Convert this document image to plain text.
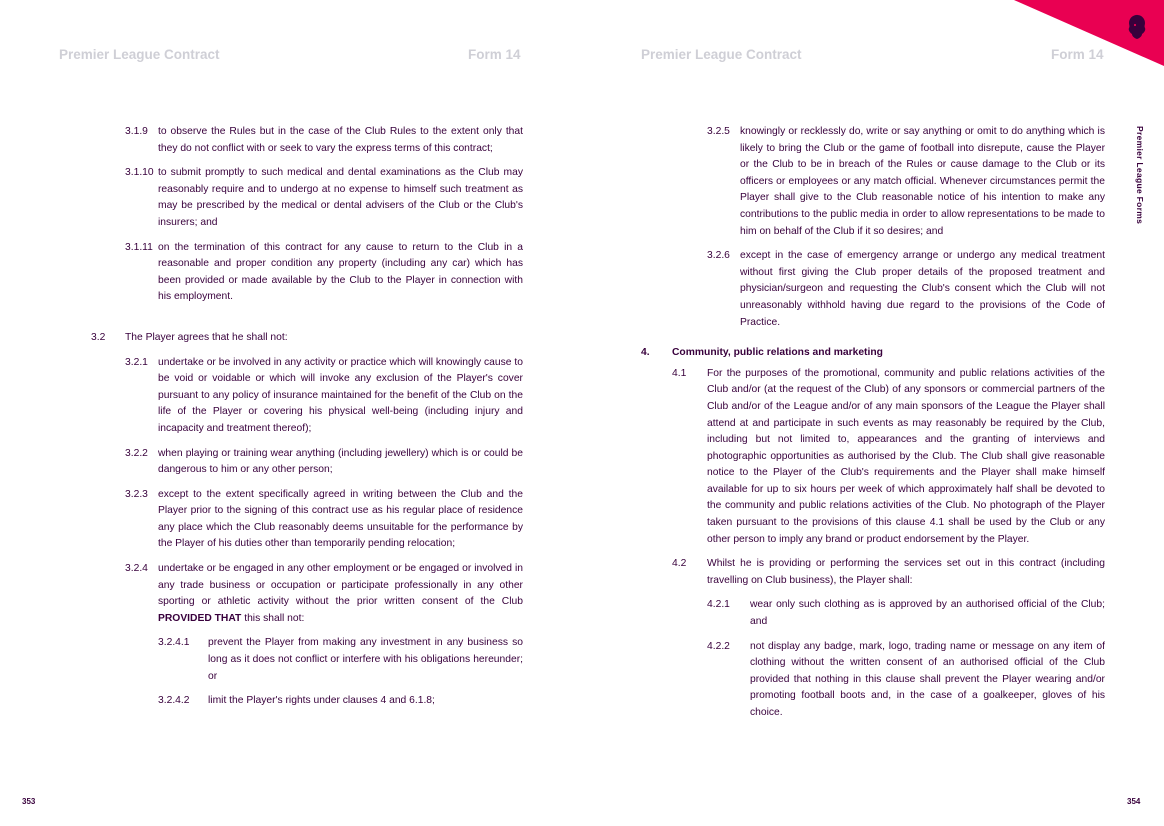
Premier League Contract	Form 14	Premier League Contract	Form 14
Premier League Forms
3.1.9 to observe the Rules but in the case of the Club Rules to the extent only that they do not conflict with or seek to vary the express terms of this contract;
3.1.10 to submit promptly to such medical and dental examinations as the Club may reasonably require and to undergo at no expense to himself such treatment as may be prescribed by the medical or dental advisers of the Club or the Club's insurers; and
3.1.11 on the termination of this contract for any cause to return to the Club in a reasonable and proper condition any property (including any car) which has been provided or made available by the Club to the Player in connection with his employment.
3.2 The Player agrees that he shall not:
3.2.1 undertake or be involved in any activity or practice which will knowingly cause to be void or voidable or which will invoke any exclusion of the Player's cover pursuant to any policy of insurance maintained for the benefit of the Club on the life of the Player or covering his physical well-being (including injury and incapacity and treatment thereof);
3.2.2 when playing or training wear anything (including jewellery) which is or could be dangerous to him or any other person;
3.2.3 except to the extent specifically agreed in writing between the Club and the Player prior to the signing of this contract use as his regular place of residence any place which the Club reasonably deems unsuitable for the performance by the Player of his duties other than temporarily pending relocation;
3.2.4 undertake or be engaged in any other employment or be engaged or involved in any trade business or occupation or participate professionally in any other sporting or athletic activity without the prior written consent of the Club PROVIDED THAT this shall not:
3.2.4.1 prevent the Player from making any investment in any business so long as it does not conflict or interfere with his obligations hereunder; or
3.2.4.2 limit the Player's rights under clauses 4 and 6.1.8;
3.2.5 knowingly or recklessly do, write or say anything or omit to do anything which is likely to bring the Club or the game of football into disrepute, cause the Player or the Club to be in breach of the Rules or cause damage to the Club or its officers or employees or any match official. Whenever circumstances permit the Player shall give to the Club reasonable notice of his intention to make any contributions to the public media in order to allow representations to be made to him on behalf of the Club if it so desires; and
3.2.6 except in the case of emergency arrange or undergo any medical treatment without first giving the Club proper details of the proposed treatment and physician/surgeon and requesting the Club's consent which the Club will not unreasonably withhold having due regard to the provisions of the Code of Practice.
4. Community, public relations and marketing
4.1 For the purposes of the promotional, community and public relations activities of the Club and/or (at the request of the Club) of any sponsors or commercial partners of the Club and/or of the League and/or of any main sponsors of the League the Player shall attend at and participate in such events as may reasonably be required by the Club, including but not limited to, appearances and the granting of interviews and photographic opportunities as authorised by the Club. The Club shall give reasonable notice to the Player of the Club's requirements and the Player shall make himself available for up to six hours per week of which approximately half shall be devoted to the community and public relations activities of the Club. No photograph of the Player taken pursuant to the provisions of this clause 4.1 shall be used by the Club or any other person to imply any brand or product endorsement by the Player.
4.2 Whilst he is providing or performing the services set out in this contract (including travelling on Club business), the Player shall:
4.2.1 wear only such clothing as is approved by an authorised official of the Club; and
4.2.2 not display any badge, mark, logo, trading name or message on any item of clothing without the written consent of an authorised official of the Club provided that nothing in this clause shall prevent the Player wearing and/or promoting football boots and, in the case of a goalkeeper, gloves of his choice.
353	354
